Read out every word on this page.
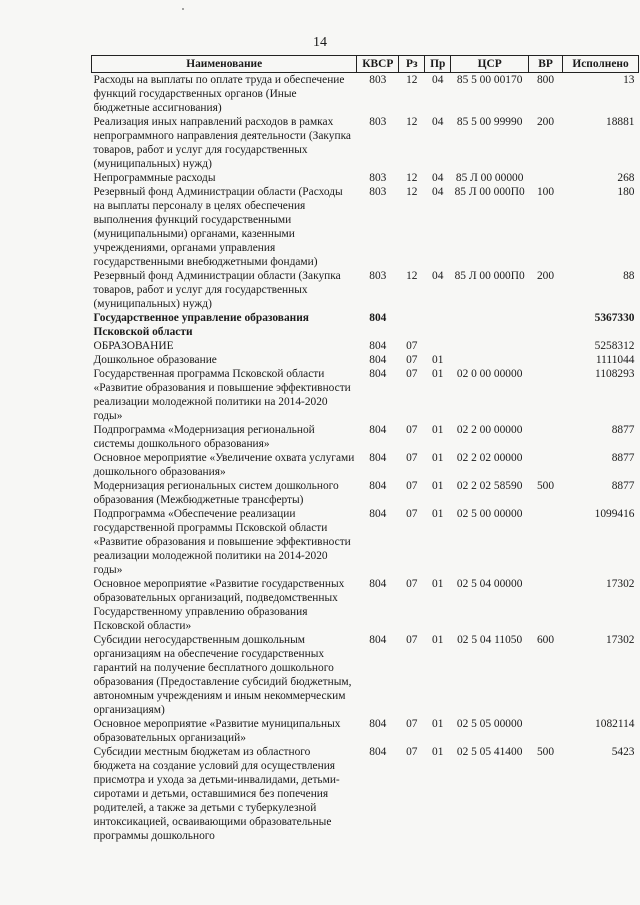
14
Наименование	КВСР	Рз	Пр	ЦСР	ВР	Исполнено
Расходы на выплаты по оплате труда и обеспечение функций государственных органов (Иные бюджетные ассигнования)	803	12	04	85 5 00 00170	800	13
Реализация иных направлений расходов в рамках непрограммного направления деятельности (Закупка товаров, работ и услуг для государственных (муниципальных) нужд)	803	12	04	85 5 00 99990	200	18881
Непрограммные расходы	803	12	04	85 Л 00 00000		268
Резервный фонд Администрации области (Расходы на выплаты персоналу в целях обеспечения выполнения функций государственными (муниципальными) органами, казенными учреждениями, органами управления государственными внебюджетными фондами)	803	12	04	85 Л 00 000П0	100	180
Резервный фонд Администрации области (Закупка товаров, работ и услуг для государственных (муниципальных) нужд)	803	12	04	85 Л 00 000П0	200	88
Государственное управление образования Псковской области	804					5367330
ОБРАЗОВАНИЕ	804	07				5258312
Дошкольное образование	804	07	01			1111044
Государственная программа Псковской области «Развитие образования и повышение эффективности реализации молодежной политики на 2014-2020 годы»	804	07	01	02 0 00 00000		1108293
Подпрограмма «Модернизация региональной системы дошкольного образования»	804	07	01	02 2 00 00000		8877
Основное мероприятие «Увеличение охвата услугами дошкольного образования»	804	07	01	02 2 02 00000		8877
Модернизация региональных систем дошкольного образования (Межбюджетные трансферты)	804	07	01	02 2 02 58590	500	8877
Подпрограмма «Обеспечение реализации государственной программы Псковской области «Развитие образования и повышение эффективности реализации молодежной политики на 2014-2020 годы»	804	07	01	02 5 00 00000		1099416
Основное мероприятие «Развитие государственных образовательных организаций, подведомственных Государственному управлению образования Псковской области»	804	07	01	02 5 04 00000		17302
Субсидии негосударственным дошкольным организациям на обеспечение государственных гарантий на получение бесплатного дошкольного образования (Предоставление субсидий бюджетным, автономным учреждениям и иным некоммерческим организациям)	804	07	01	02 5 04 11050	600	17302
Основное мероприятие «Развитие муниципальных образовательных организаций»	804	07	01	02 5 05 00000		1082114
Субсидии местным бюджетам из областного бюджета на создание условий для осуществления присмотра и ухода за детьми-инвалидами, детьми-сиротами и детьми, оставшимися без попечения родителей, а также за детьми с туберкулезной интоксикацией, осваивающими образовательные программы дошкольного	804	07	01	02 5 05 41400	500	5423
